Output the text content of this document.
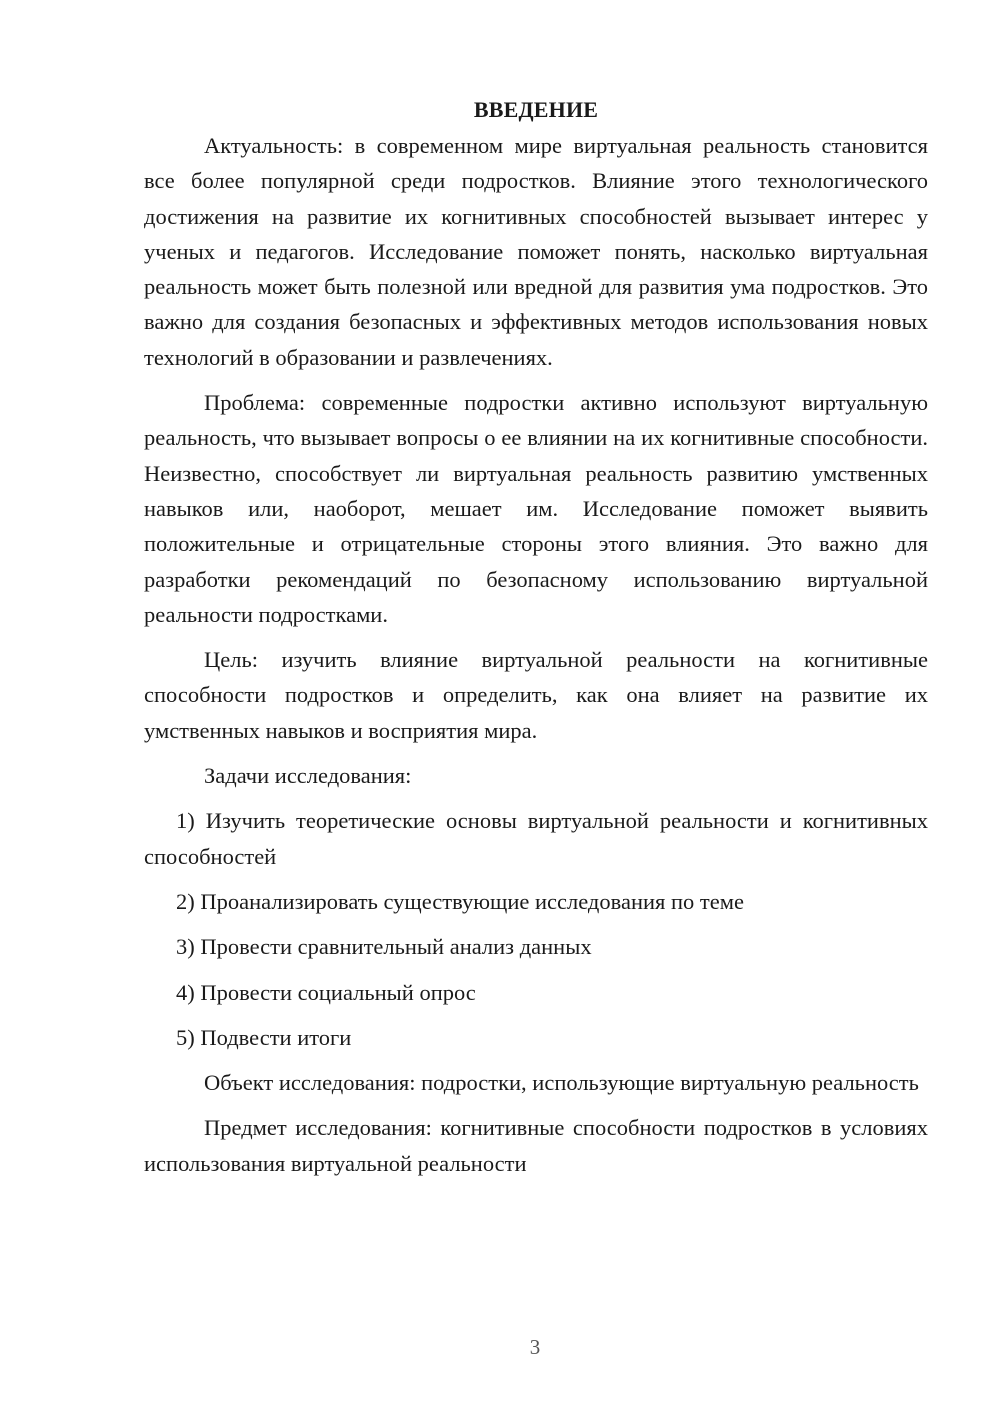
ВВЕДЕНИЕ

Актуальность: в современном мире виртуальная реальность становится все более популярной среди подростков. Влияние этого технологического достижения на развитие их когнитивных способностей вызывает интерес у ученых и педагогов. Исследование поможет понять, насколько виртуальная реальность может быть полезной или вредной для развития ума подростков. Это важно для создания безопасных и эффективных методов использования новых технологий в образовании и развлечениях.

Проблема: современные подростки активно используют виртуальную реальность, что вызывает вопросы о ее влиянии на их когнитивные способности. Неизвестно, способствует ли виртуальная реальность развитию умственных навыков или, наоборот, мешает им. Исследование поможет выявить положительные и отрицательные стороны этого влияния. Это важно для разработки рекомендаций по безопасному использованию виртуальной реальности подростками.

Цель: изучить влияние виртуальной реальности на когнитивные способности подростков и определить, как она влияет на развитие их умственных навыков и восприятия мира.

Задачи исследования:

1) Изучить теоретические основы виртуальной реальности и когнитивных способностей

2) Проанализировать существующие исследования по теме

3) Провести сравнительный анализ данных

4) Провести социальный опрос

5) Подвести итоги

Объект исследования: подростки, использующие виртуальную реальность

Предмет исследования: когнитивные способности подростков в условиях использования виртуальной реальности

3
